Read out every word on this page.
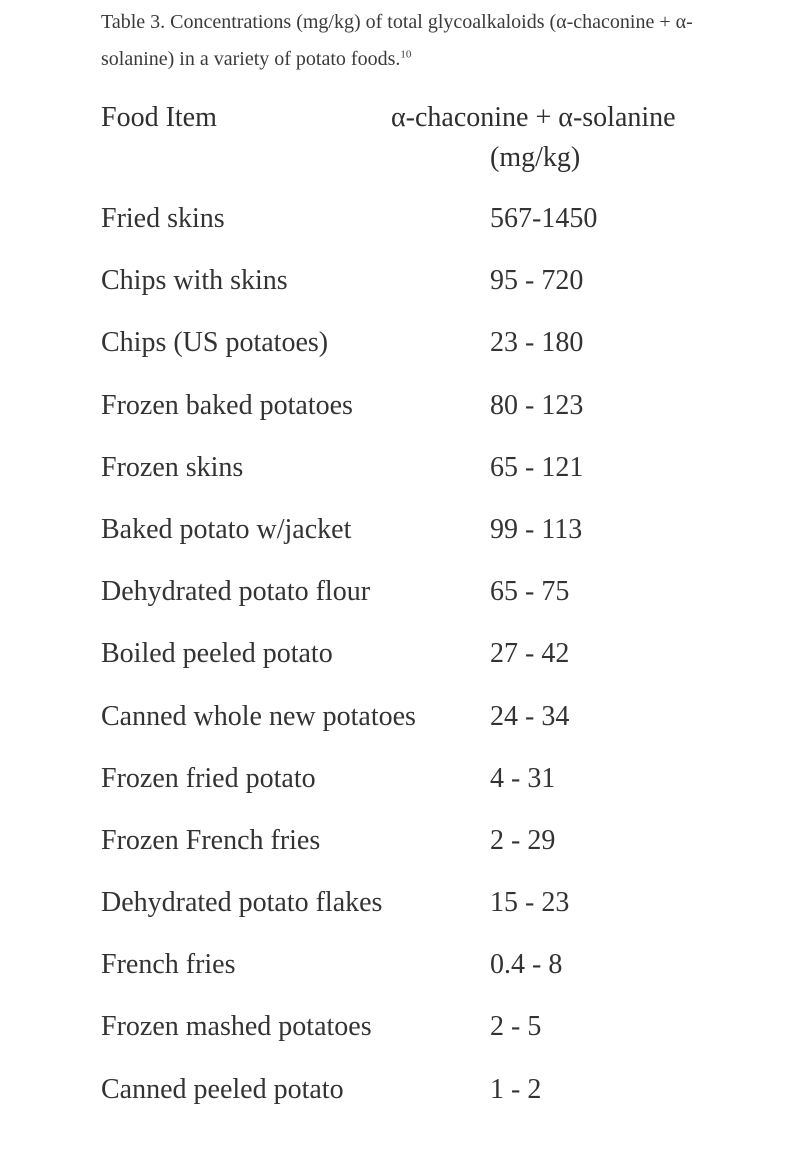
Table 3. Concentrations (mg/kg) of total glycoalkaloids (α-chaconine + α-solanine) in a variety of potato foods.$^{10}$
Food Item	α-chaconine + α-solanine
(mg/kg)
Fried skins	567-1450
Chips with skins	95 - 720
Chips (US potatoes)	23 - 180
Frozen baked potatoes	80 - 123
Frozen skins	65 - 121
Baked potato w/jacket	99 - 113
Dehydrated potato flour	65 - 75
Boiled peeled potato	27 - 42
Canned whole new potatoes	24 - 34
Frozen fried potato	4 - 31
Frozen French fries	2 - 29
Dehydrated potato flakes	15 - 23
French fries	0.4 - 8
Frozen mashed potatoes	2 - 5
Canned peeled potato	1 - 2
